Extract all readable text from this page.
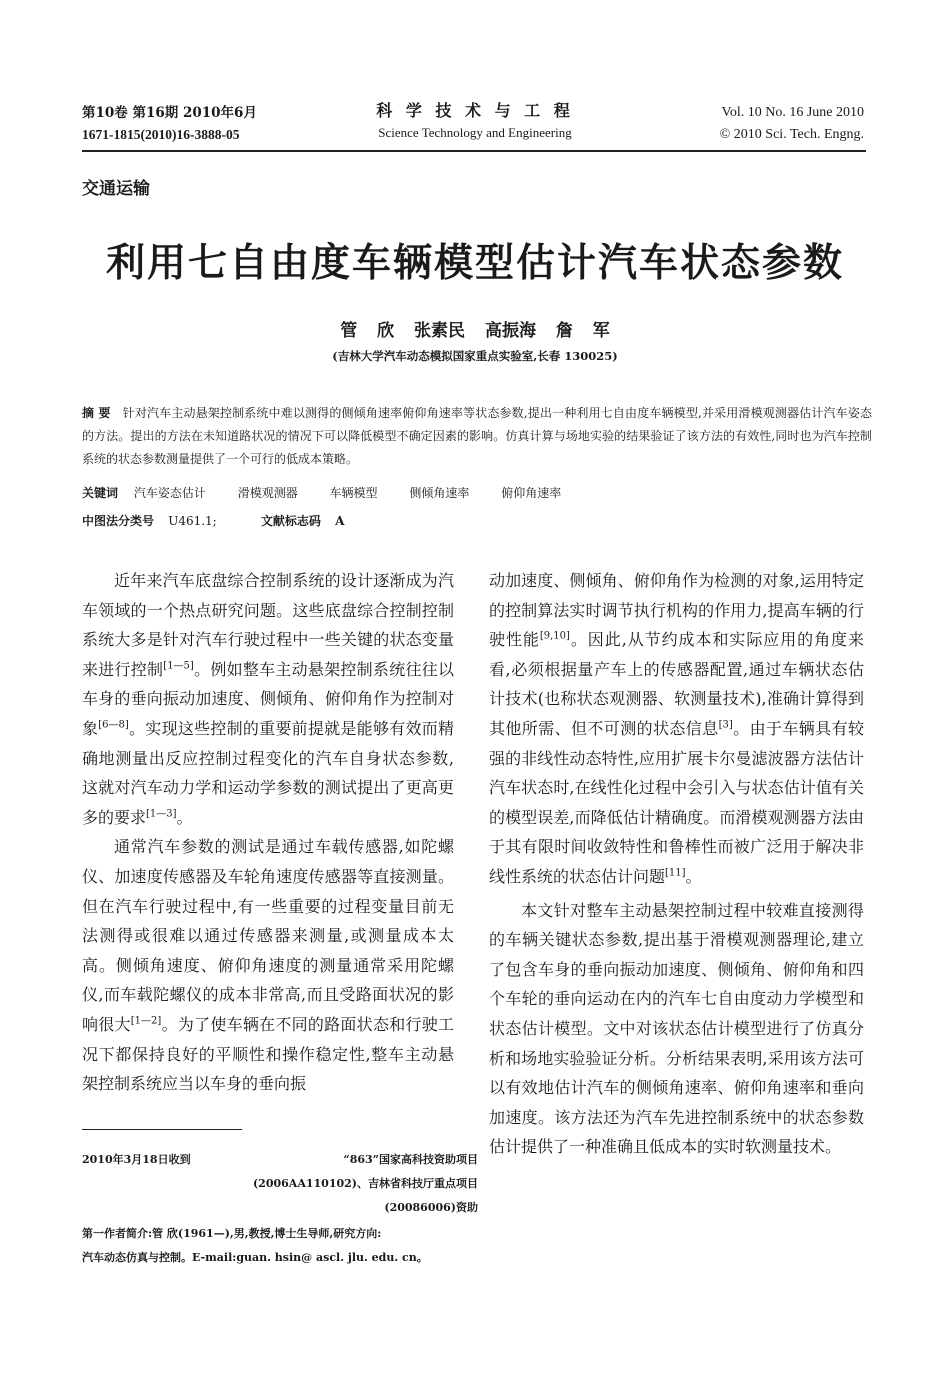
第10卷 第16期 2010年6月
1671-1815(2010)16-3888-05
科 学 技 术 与 工 程
Science Technology and Engineering
Vol. 10 No. 16 June 2010
© 2010 Sci. Tech. Engng.
交通运输
利用七自由度车辆模型估计汽车状态参数
管 欣 张素民 高振海 詹 军
(吉林大学汽车动态模拟国家重点实验室,长春 130025)
摘 要 针对汽车主动悬架控制系统中难以测得的侧倾角速率俯仰角速率等状态参数,提出一种利用七自由度车辆模型,并采用滑模观测器估计汽车姿态的方法。提出的方法在未知道路状况的情况下可以降低模型不确定因素的影响。仿真计算与场地实验的结果验证了该方法的有效性,同时也为汽车控制系统的状态参数测量提供了一个可行的低成本策略。
关键词 汽车姿态估计	滑模观测器	车辆模型	侧倾角速率	俯仰角速率
中图法分类号 U461.1;	文献标志码 A

近年来汽车底盘综合控制系统的设计逐渐成为汽车领域的一个热点研究问题。这些底盘综合控制控制系统大多是针对汽车行驶过程中一些关键的状态变量来进行控制[1—5]。例如整车主动悬架控制系统往往以车身的垂向振动加速度、侧倾角、俯仰角作为控制对象[6—8]。实现这些控制的重要前提就是能够有效而精确地测量出反应控制过程变化的汽车自身状态参数,这就对汽车动力学和运动学参数的测试提出了更高更多的要求[1—3]。

通常汽车参数的测试是通过车载传感器,如陀螺仪、加速度传感器及车轮角速度传感器等直接测量。但在汽车行驶过程中,有一些重要的过程变量目前无法测得或很难以通过传感器来测量,或测量成本太高。侧倾角速度、俯仰角速度的测量通常采用陀螺仪,而车载陀螺仪的成本非常高,而且受路面状况的影响很大[1—2]。为了使车辆在不同的路面状态和行驶工况下都保持良好的平顺性和操作稳定性,整车主动悬架控制系统应当以车身的垂向振

动加速度、侧倾角、俯仰角作为检测的对象,运用特定的控制算法实时调节执行机构的作用力,提高车辆的行驶性能[9,10]。因此,从节约成本和实际应用的角度来看,必须根据量产车上的传感器配置,通过车辆状态估计技术(也称状态观测器、软测量技术),准确计算得到其他所需、但不可测的状态信息[3]。由于车辆具有较强的非线性动态特性,应用扩展卡尔曼滤波器方法估计汽车状态时,在线性化过程中会引入与状态估计值有关的模型误差,而降低估计精确度。而滑模观测器方法由于其有限时间收敛特性和鲁棒性而被广泛用于解决非线性系统的状态估计问题[11]。

本文针对整车主动悬架控制过程中较难直接测得的车辆关键状态参数,提出基于滑模观测器理论,建立了包含车身的垂向振动加速度、侧倾角、俯仰角和四个车轮的垂向运动在内的汽车七自由度动力学模型和状态估计模型。文中对该状态估计模型进行了仿真分析和场地实验验证分析。分析结果表明,采用该方法可以有效地估计汽车的侧倾角速率、俯仰角速率和垂向加速度。该方法还为汽车先进控制系统中的状态参数估计提供了一种准确且低成本的实时软测量技术。

2010年3月18日收到	“863”国家高科技资助项目
(2006AA110102)、吉林省科技厅重点项目
(20086006)资助
第一作者简介:管 欣(1961—),男,教授,博士生导师,研究方向:
汽车动态仿真与控制。E-mail:guan. hsin@ ascl. jlu. edu. cn。
